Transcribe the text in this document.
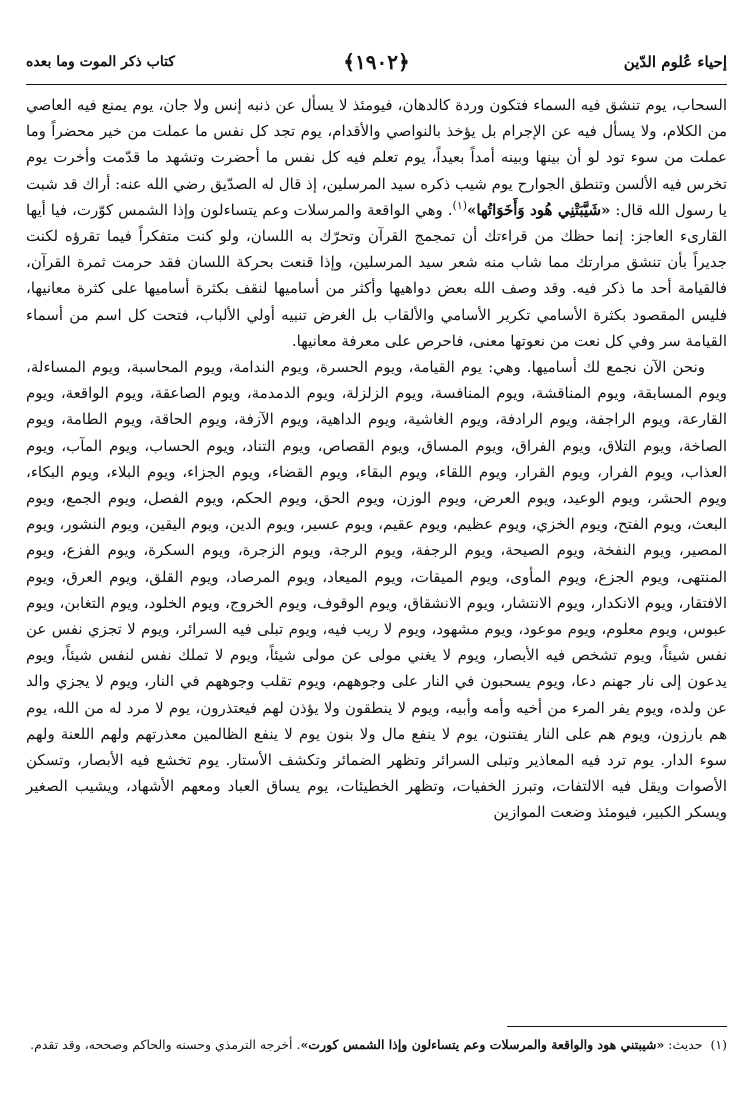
إحياء عُلوم الدّين
﴿١٩٠٢﴾
كتاب ذكر الموت وما بعده

السحاب، يوم تنشق فيه السماء فتكون وردة كالدهان، فيومئذ لا يسأل عن ذنبه إنس ولا جان، يوم يمنع فيه العاصي من الكلام، ولا يسأل فيه عن الإجرام بل يؤخذ بالنواصي والأقدام، يوم تجد كل نفس ما عملت من خير محضراً وما عملت من سوء تود لو أن بينها وبينه أمداً بعيداً، يوم تعلم فيه كل نفس ما أحضرت وتشهد ما قدّمت وأخرت يوم تخرس فيه الألسن وتنطق الجوارح يوم شيب ذكره سيد المرسلين، إذ قال له الصدّيق رضي الله عنه: أراك قد شبت يا رسول الله قال: «شَيَّبَتْنِي هُود وَأَخَوَاتُها»$^{(١)}$. وهي الواقعة والمرسلات وعم يتساءلون وإذا الشمس كوّرت، فيا أيها القارىء العاجز: إنما حظك من قراءتك أن تمجمج القرآن وتحرّك به اللسان، ولو كنت متفكراً فيما تقرؤه لكنت جديراً بأن تنشق مرارتك مما شاب منه شعر سيد المرسلين، وإذا قنعت بحركة اللسان فقد حرمت ثمرة القرآن، فالقيامة أحد ما ذكر فيه. وقد وصف الله بعض دواهيها وأكثر من أساميها لنقف بكثرة أساميها على كثرة معانيها، فليس المقصود بكثرة الأسامي تكرير الأسامي والألقاب بل الغرض تنبيه أولي الألباب، فتحت كل اسم من أسماء القيامة سر وفي كل نعت من نعوتها معنى، فاحرص على معرفة معانيها.

ونحن الآن نجمع لك أساميها. وهي: يوم القيامة، ويوم الحسرة، ويوم الندامة، ويوم المحاسبة، ويوم المساءلة، ويوم المسابقة، ويوم المناقشة، ويوم المنافسة، ويوم الزلزلة، ويوم الدمدمة، ويوم الصاعقة، ويوم الواقعة، ويوم القارعة، ويوم الراجفة، ويوم الرادفة، ويوم الغاشية، ويوم الداهية، ويوم الآزفة، ويوم الحاقة، ويوم الطامة، ويوم الصاخة، ويوم التلاق، ويوم الفراق، ويوم المساق، ويوم القصاص، ويوم التناد، ويوم الحساب، ويوم المآب، ويوم العذاب، ويوم الفرار، ويوم القرار، ويوم اللقاء، ويوم البقاء، ويوم القضاء، ويوم الجزاء، ويوم البلاء، ويوم البكاء، ويوم الحشر، ويوم الوعيد، ويوم العرض، ويوم الوزن، ويوم الحق، ويوم الحكم، ويوم الفصل، ويوم الجمع، ويوم البعث، ويوم الفتح، ويوم الخزي، ويوم عظيم، ويوم عقيم، ويوم عسير، ويوم الدين، ويوم اليقين، ويوم النشور، ويوم المصير، ويوم النفخة، ويوم الصيحة، ويوم الرجفة، ويوم الرجة، ويوم الزجرة، ويوم السكرة، ويوم الفزع، ويوم المنتهى، ويوم الجزع، ويوم المأوى، ويوم الميقات، ويوم الميعاد، ويوم المرصاد، ويوم القلق، ويوم العرق، ويوم الافتقار، ويوم الانكدار، ويوم الانتشار، ويوم الانشقاق، ويوم الوقوف، ويوم الخروج، ويوم الخلود، ويوم التغابن، ويوم عبوس، ويوم معلوم، ويوم موعود، ويوم مشهود، ويوم لا ريب فيه، ويوم تبلى فيه السرائر، ويوم لا تجزي نفس عن نفس شيئاً، ويوم تشخص فيه الأبصار، ويوم لا يغني مولى عن مولى شيئاً، ويوم لا تملك نفس لنفس شيئاً، ويوم يدعون إلى نار جهنم دعا، ويوم يسحبون في النار على وجوههم، ويوم تقلب وجوههم في النار، ويوم لا يجزي والد عن ولده، ويوم يفر المرء من أخيه وأمه وأبيه، ويوم لا ينطقون ولا يؤذن لهم فيعتذرون، يوم لا مرد له من الله، يوم هم بارزون، ويوم هم على النار يفتنون، يوم لا ينفع مال ولا بنون يوم لا ينفع الظالمين معذرتهم ولهم اللعنة ولهم سوء الدار. يوم ترد فيه المعاذير وتبلى السرائر وتظهر الضمائر وتكشف الأستار. يوم تخشع فيه الأبصار، وتسكن الأصوات ويقل فيه الالتفات، وتبرز الخفيات، وتظهر الخطيئات، يوم يساق العباد ومعهم الأشهاد، ويشيب الصغير ويسكر الكبير، فيومئذ وضعت الموازين

(١)  حديث: «شيبتني هود والواقعة والمرسلات وعم يتساءلون وإذا الشمس كورت». أخرجه الترمذي وحسنه والحاكم وصححه، وقد تقدم.
